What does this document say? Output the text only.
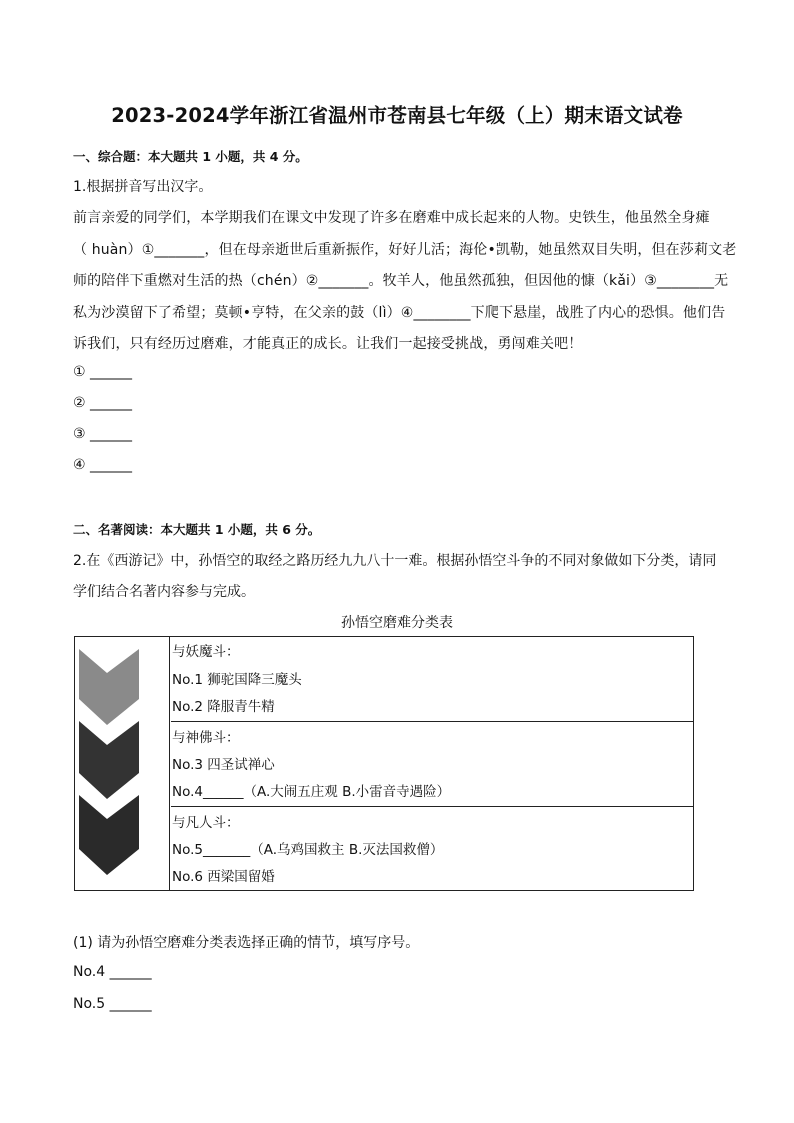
2023-2024学年浙江省温州市苍南县七年级（上）期末语文试卷
一、综合题：本大题共 1 小题，共 4 分。
1.根据拼音写出汉字。
前言亲爱的同学们，本学期我们在课文中发现了许多在磨难中成长起来的人物。史铁生，他虽然全身瘫
（ huàn）①_______，但在母亲逝世后重新振作，好好儿活；海伦•凯勒，她虽然双目失明，但在莎莉文老
师的陪伴下重燃对生活的热（chén）②_______。牧羊人，他虽然孤独，但因他的慷（kǎi）③________无
私为沙漠留下了希望；莫顿•亨特，在父亲的鼓（lì）④________下爬下悬崖，战胜了内心的恐惧。他们告
诉我们，只有经历过磨难，才能真正的成长。让我们一起接受挑战，勇闯难关吧！
① ______
② ______
③ ______
④ ______
二、名著阅读：本大题共 1 小题，共 6 分。
2.在《西游记》中，孙悟空的取经之路历经九九八十一难。根据孙悟空斗争的不同对象做如下分类，请同
学们结合名著内容参与完成。
孙悟空磨难分类表
与妖魔斗：
No.1 狮驼国降三魔头
No.2 降服青牛精
与神佛斗：
No.3 四圣试禅心
No.4______（A.大闹五庄观 B.小雷音寺遇险）
与凡人斗：
No.5_______（A.乌鸡国救主 B.灭法国救僧）
No.6 西梁国留婚
(1) 请为孙悟空磨难分类表选择正确的情节，填写序号。
No.4 ______
No.5 ______
